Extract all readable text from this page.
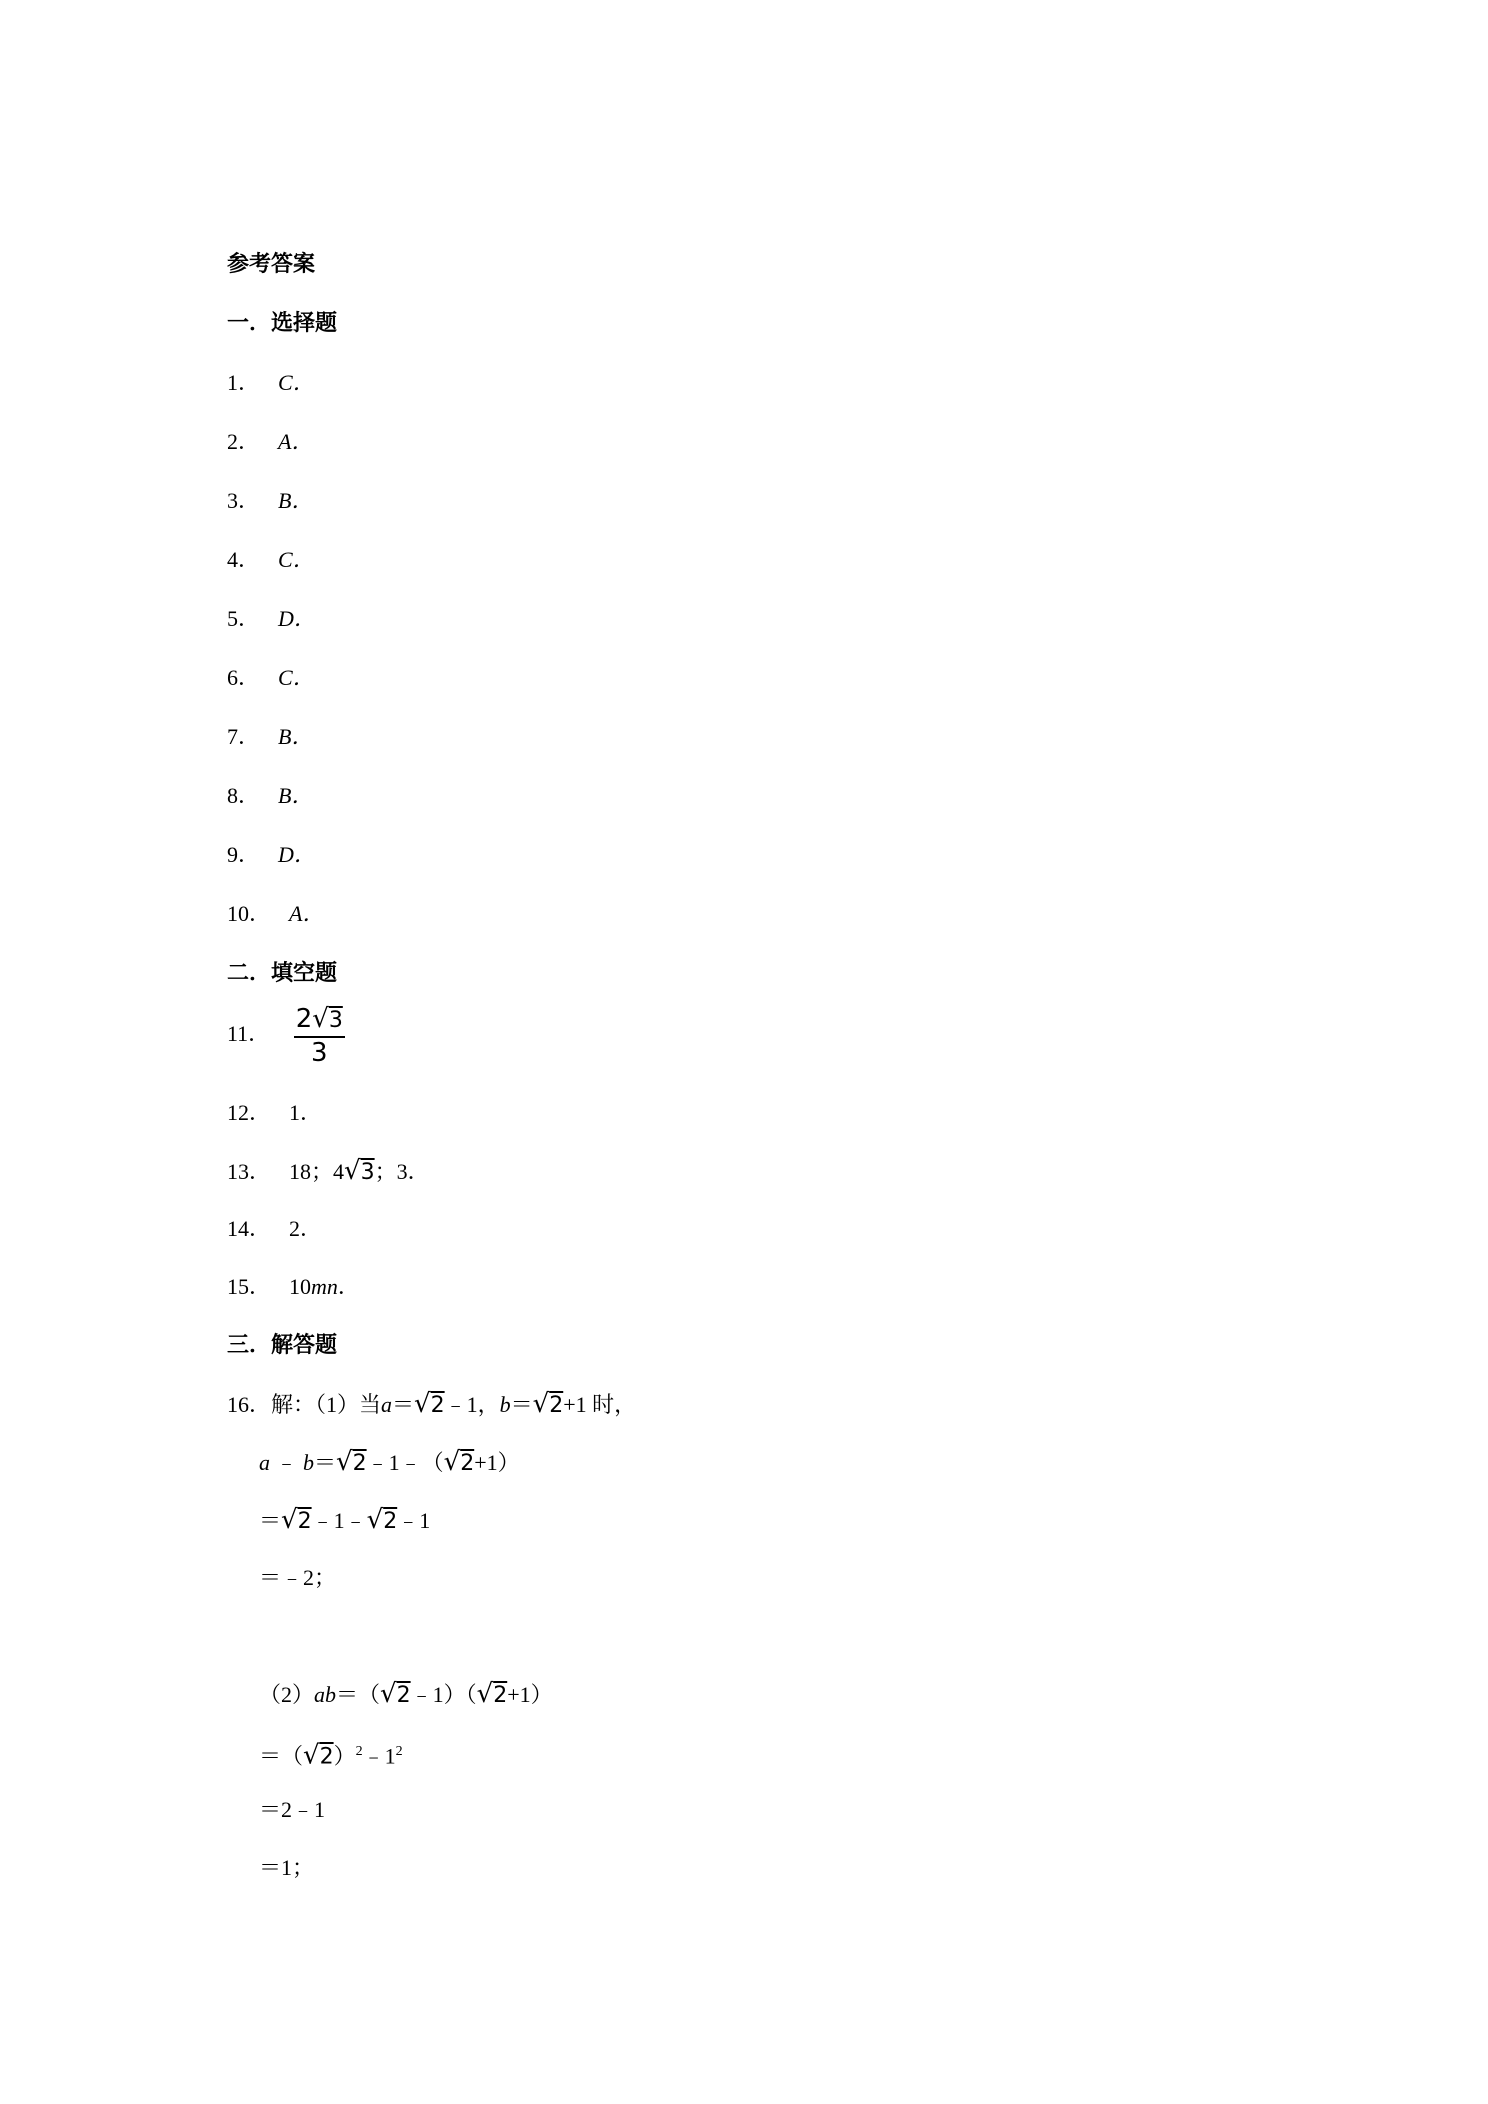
参考答案
一．选择题
1． C．
2． A．
3． B．
4． C．
5． D．
6． C．
7． B．
8． B．
9． D．
10． A．
二．填空题
11． $\frac{2√3}{3}$
12． 1．
13． 18；4√3；3．
14． 2．
15． 10mn．
三．解答题
16．解：（1）当a＝√2﹣1，b＝√2+1 时，
a ﹣ b＝√2﹣1﹣（√2+1）
＝√2﹣1﹣√2﹣1
＝﹣2；
（2）ab＝（√2﹣1）（√2+1）
$=(√2)^2﹣1^2$
＝2﹣1
＝1；
